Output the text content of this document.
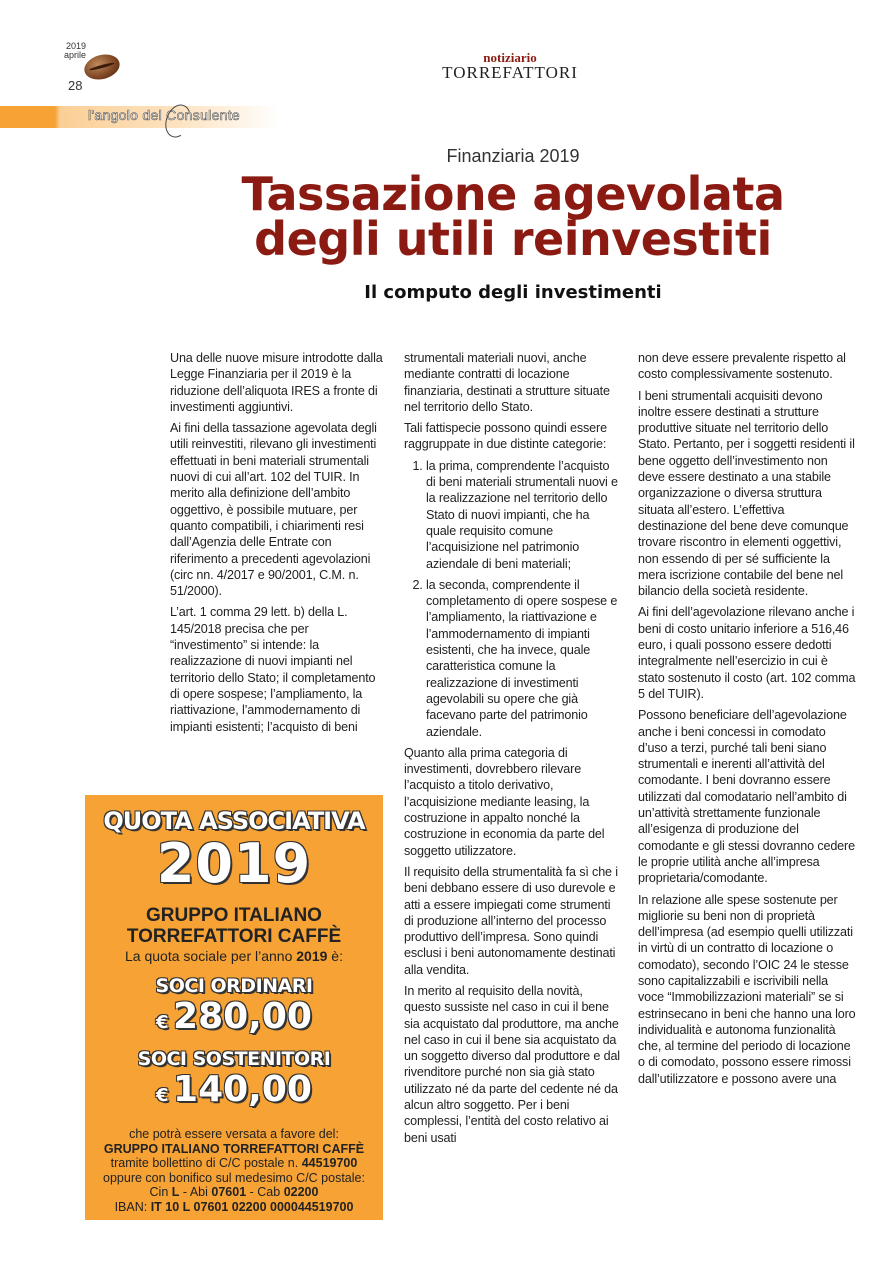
2019
aprile
28
notiziario
TORREFATTORI
l'angolo del Consulente
Finanziaria 2019
Tassazione agevolata
degli utili reinvestiti
Il computo degli investimenti

Una delle nuove misure introdotte dalla Legge Finanziaria per il 2019 è la riduzione dell’aliquota IRES a fronte di investimenti aggiuntivi.

Ai fini della tassazione agevolata degli utili reinvestiti, rilevano gli investimenti effettuati in beni materiali strumentali nuovi di cui all’art. 102 del TUIR. In merito alla definizione dell’ambito oggettivo, è possibile mutuare, per quanto compatibili, i chiarimenti resi dall’Agenzia delle Entrate con riferimento a precedenti agevolazioni (circ nn. 4/2017 e 90/2001, C.M. n. 51/2000).

L’art. 1 comma 29 lett. b) della L. 145/2018 precisa che per “investimento” si intende: la realizzazione di nuovi impianti nel territorio dello Stato; il completamento di opere sospese; l’ampliamento, la riattivazione, l’ammodernamento di impianti esistenti; l’acquisto di beni

strumentali materiali nuovi, anche mediante contratti di locazione finanziaria, destinati a strutture situate nel territorio dello Stato.

Tali fattispecie possono quindi essere raggruppate in due distinte categorie:

1. la prima, comprendente l’acquisto di beni materiali strumentali nuovi e la realizzazione nel territorio dello Stato di nuovi impianti, che ha quale requisito comune l’acquisizione nel patrimonio aziendale di beni materiali;
2. la seconda, comprendente il completamento di opere sospese e l’ampliamento, la riattivazione e l’ammodernamento di impianti esistenti, che ha invece, quale caratteristica comune la realizzazione di investimenti agevolabili su opere che già facevano parte del patrimonio aziendale.

Quanto alla prima categoria di investimenti, dovrebbero rilevare l’acquisto a titolo derivativo, l’acquisizione mediante leasing, la costruzione in appalto nonché la costruzione in economia da parte del soggetto utilizzatore.

Il requisito della strumentalità fa sì che i beni debbano essere di uso durevole e atti a essere impiegati come strumenti di produzione all’interno del processo produttivo dell’impresa. Sono quindi esclusi i beni autonomamente destinati alla vendita.

In merito al requisito della novità, questo sussiste nel caso in cui il bene sia acquistato dal produttore, ma anche nel caso in cui il bene sia acquistato da un soggetto diverso dal produttore e dal rivenditore purché non sia già stato utilizzato né da parte del cedente né da alcun altro soggetto. Per i beni complessi, l’entità del costo relativo ai beni usati

non deve essere prevalente rispetto al costo complessivamente sostenuto.

I beni strumentali acquisiti devono inoltre essere destinati a strutture produttive situate nel territorio dello Stato. Pertanto, per i soggetti residenti il bene oggetto dell’investimento non deve essere destinato a una stabile organizzazione o diversa struttura situata all’estero. L’effettiva destinazione del bene deve comunque trovare riscontro in elementi oggettivi, non essendo di per sé sufficiente la mera iscrizione contabile del bene nel bilancio della società residente.

Ai fini dell’agevolazione rilevano anche i beni di costo unitario inferiore a 516,46 euro, i quali possono essere dedotti integralmente nell’esercizio in cui è stato sostenuto il costo (art. 102 comma 5 del TUIR).

Possono beneficiare dell’agevolazione anche i beni concessi in comodato d’uso a terzi, purché tali beni siano strumentali e inerenti all’attività del comodante. I beni dovranno essere utilizzati dal comodatario nell’ambito di un’attività strettamente funzionale all’esigenza di produzione del comodante e gli stessi dovranno cedere le proprie utilità anche all’impresa proprietaria/comodante.

In relazione alle spese sostenute per migliorie su beni non di proprietà dell’impresa (ad esempio quelli utilizzati in virtù di un contratto di locazione o comodato), secondo l’OIC 24 le stesse sono capitalizzabili e iscrivibili nella voce “Immobilizzazioni materiali” se si estrinsecano in beni che hanno una loro individualità e autonoma funzionalità che, al termine del periodo di locazione o di comodato, possono essere rimossi dall’utilizzatore e possono avere una

QUOTA ASSOCIATIVA
2019
GRUPPO ITALIANO
TORREFATTORI CAFFÈ
La quota sociale per l’anno 2019 è:
SOCI ORDINARI
€ 280,00
SOCI SOSTENITORI
€ 140,00
che potrà essere versata a favore del:
GRUPPO ITALIANO TORREFATTORI CAFFÈ
tramite bollettino di C/C postale n. 44519700
oppure con bonifico sul medesimo C/C postale:
Cin L - Abi 07601 - Cab 02200
IBAN: IT 10 L 07601 02200 000044519700
